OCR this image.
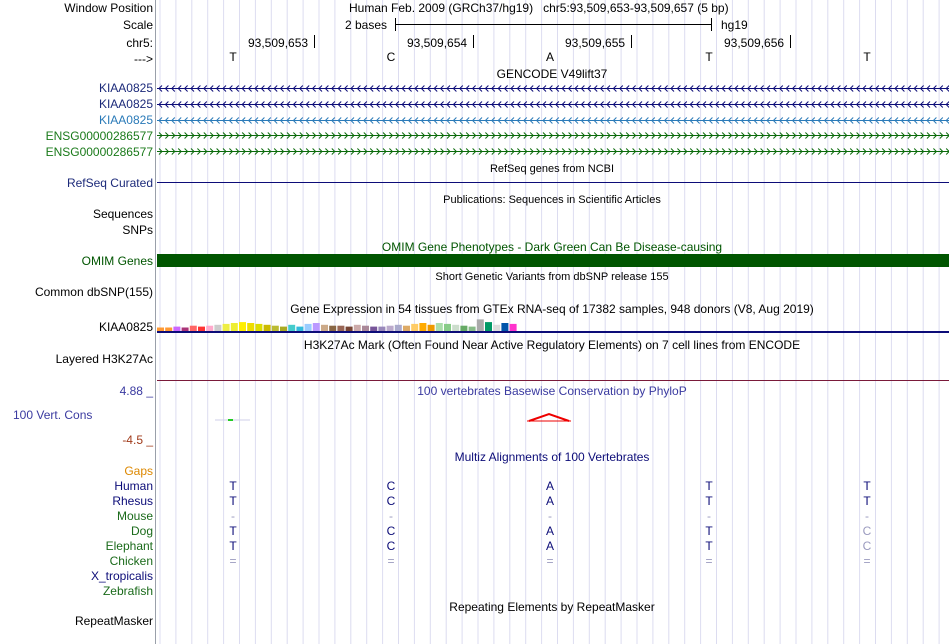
Window Position
Scale
chr5:
--->
Human Feb. 2009 (GRCh37/hg19)   chr5:93,509,653-93,509,657 (5 bp)
2 bases	hg19
93,509,653	93,509,654	93,509,655	93,509,656
T	C	A	T	T
GENCODE V49lift37
KIAA0825
KIAA0825
KIAA0825
ENSG00000286577
ENSG00000286577
RefSeq genes from NCBI
RefSeq Curated
Publications: Sequences in Scientific Articles
Sequences
SNPs
OMIM Gene Phenotypes - Dark Green Can Be Disease-causing
OMIM Genes
Short Genetic Variants from dbSNP release 155
Common dbSNP(155)
Gene Expression in 54 tissues from GTEx RNA-seq of 17382 samples, 948 donors (V8, Aug 2019)
KIAA0825
H3K27Ac Mark (Often Found Near Active Regulatory Elements) on 7 cell lines from ENCODE
Layered H3K27Ac
100 vertebrates Basewise Conservation by PhyloP
4.88 _
100 Vert. Cons
-4.5 _
Multiz Alignments of 100 Vertebrates
Gaps
Human	T	C	A	T	T
Rhesus	T	C	A	T	T
Mouse	-	-	-	-	-
Dog	T	C	A	T	C
Elephant	T	C	A	T	C
Chicken	=	=	=	=	=
X_tropicalis
Zebrafish
Repeating Elements by RepeatMasker
RepeatMasker
